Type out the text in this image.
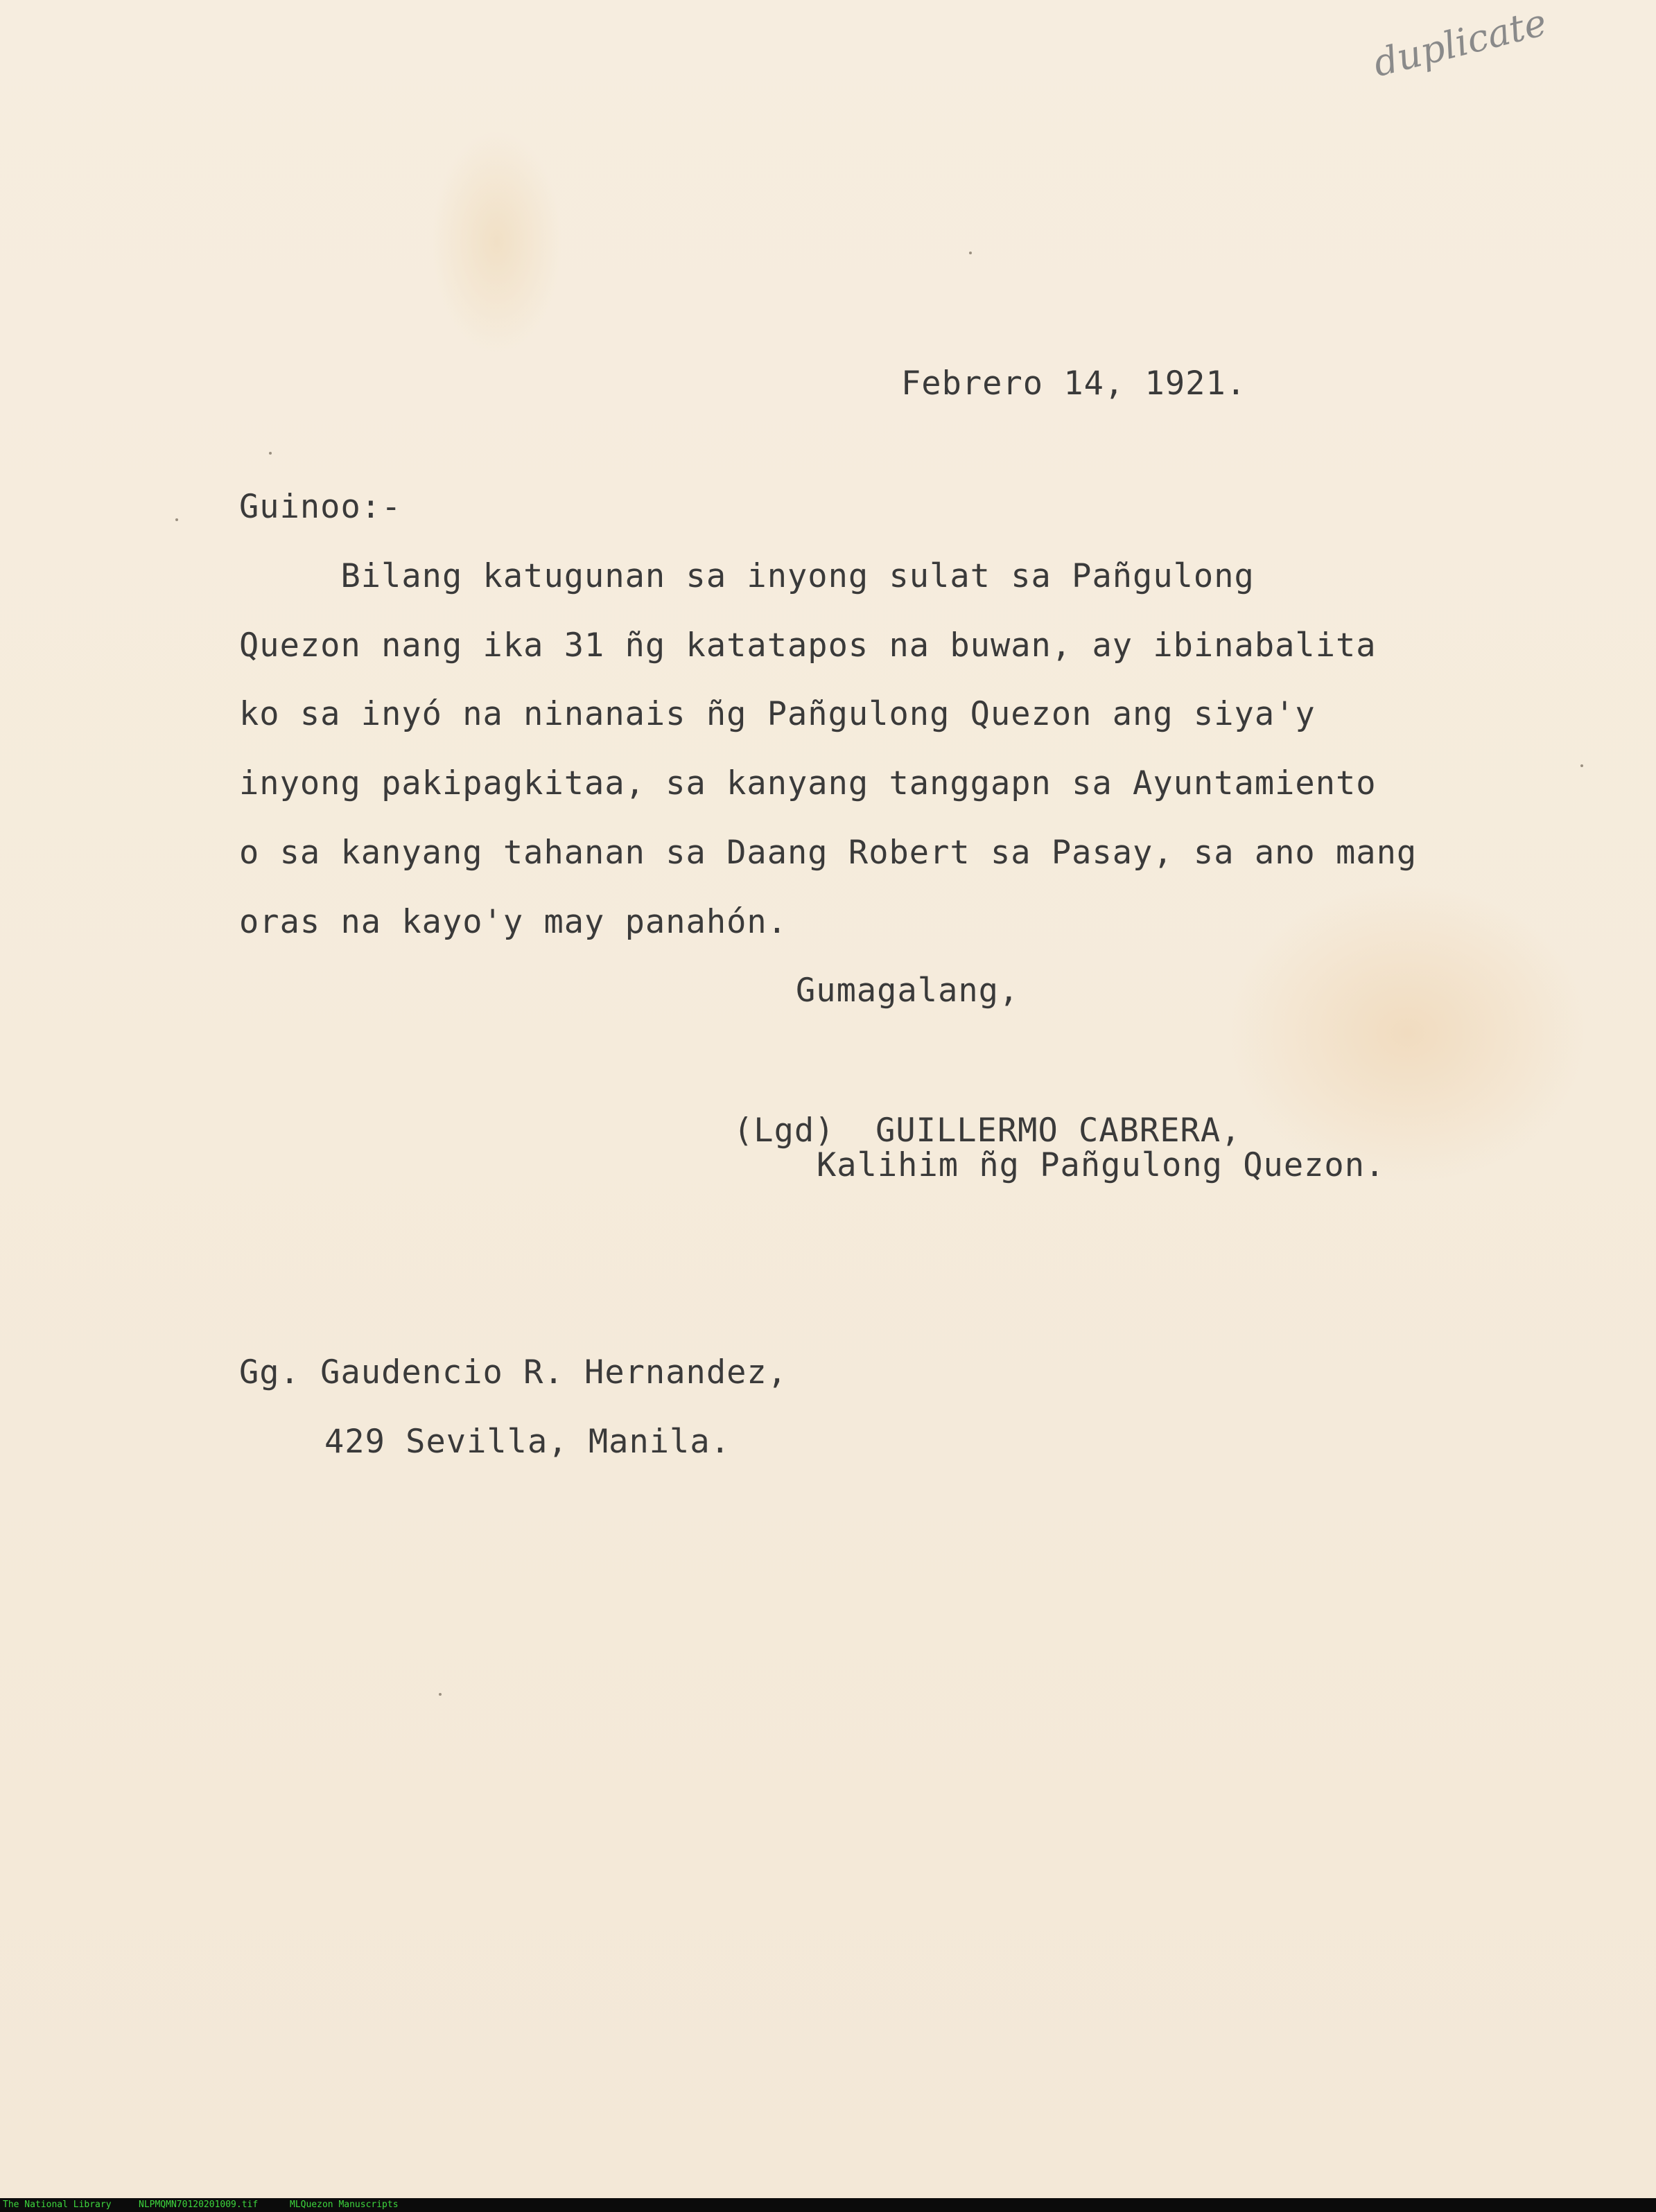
duplicate
Febrero 14, 1921.
Guinoo:-
Bilang katugunan sa inyong sulat sa Pañgulong
Quezon nang ika 31 ñg katatapos na buwan, ay ibinabalita
ko sa inyó na ninanais ñg Pañgulong Quezon ang siya'y
inyong pakipagkitaa, sa kanyang tanggapn sa Ayuntamiento
o sa kanyang tahanan sa Daang Robert sa Pasay, sa ano mang
oras na kayo'y may panahón.
Gumagalang,
(Lgd)  GUILLERMO CABRERA,
Kalihim ñg Pañgulong Quezon.
Gg. Gaudencio R. Hernandez,
429 Sevilla, Manila.
The National Library	NLPMQMN70120201009.tif	MLQuezon Manuscripts
